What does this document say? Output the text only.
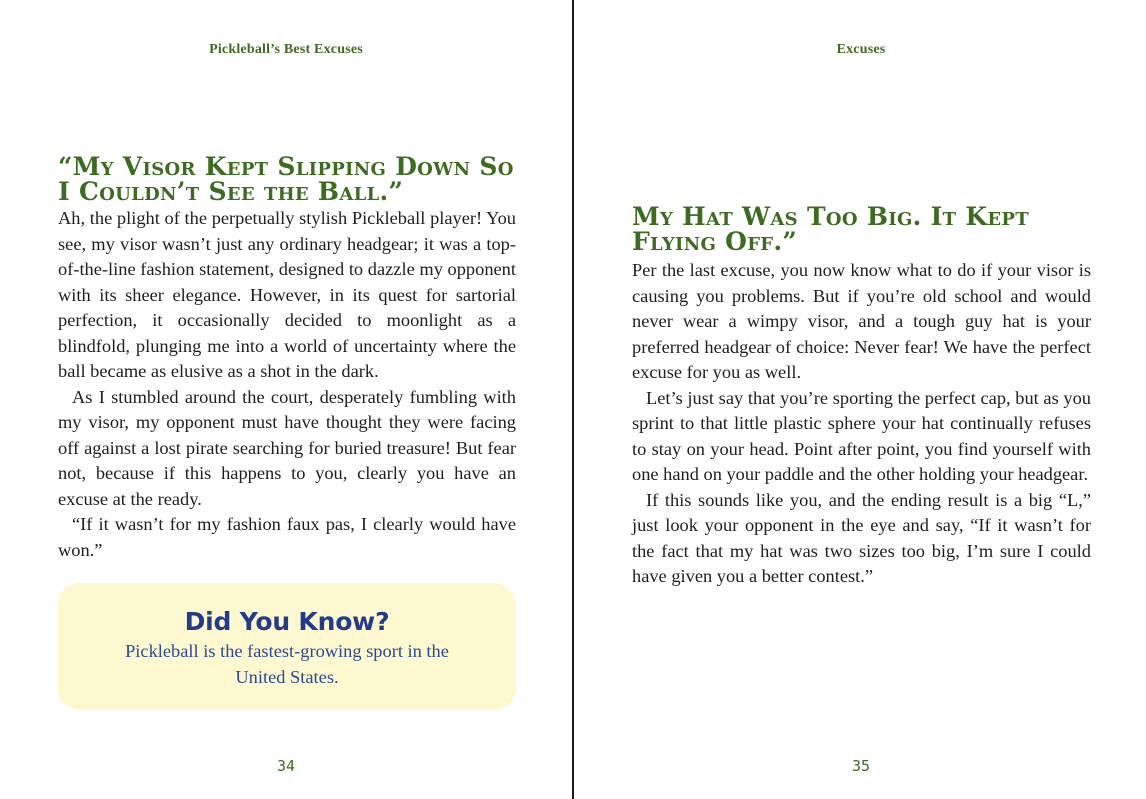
Pickleball’s Best Excuses
“My Visor Kept Slipping Down So I Couldn’t See the Ball.”

Ah, the plight of the perpetually stylish Pickleball player! You see, my visor wasn’t just any ordinary headgear; it was a top-of-the-line fashion statement, designed to dazzle my opponent with its sheer elegance. However, in its quest for sartorial perfection, it occasionally decided to moonlight as a blindfold, plunging me into a world of uncertainty where the ball became as elusive as a shot in the dark.

As I stumbled around the court, desperately fumbling with my visor, my opponent must have thought they were facing off against a lost pirate searching for buried treasure! But fear not, because if this happens to you, clearly you have an excuse at the ready.

“If it wasn’t for my fashion faux pas, I clearly would have won.”

Did You Know?
Pickleball is the fastest-growing sport in the United States.
34
Excuses
My Hat Was Too Big. It Kept Flying Off.”

Per the last excuse, you now know what to do if your visor is causing you problems. But if you’re old school and would never wear a wimpy visor, and a tough guy hat is your preferred headgear of choice: Never fear! We have the perfect excuse for you as well.

Let’s just say that you’re sporting the perfect cap, but as you sprint to that little plastic sphere your hat continually refuses to stay on your head. Point after point, you find yourself with one hand on your paddle and the other holding your headgear.

If this sounds like you, and the ending result is a big “L,” just look your opponent in the eye and say, “If it wasn’t for the fact that my hat was two sizes too big, I’m sure I could have given you a better contest.”

35
